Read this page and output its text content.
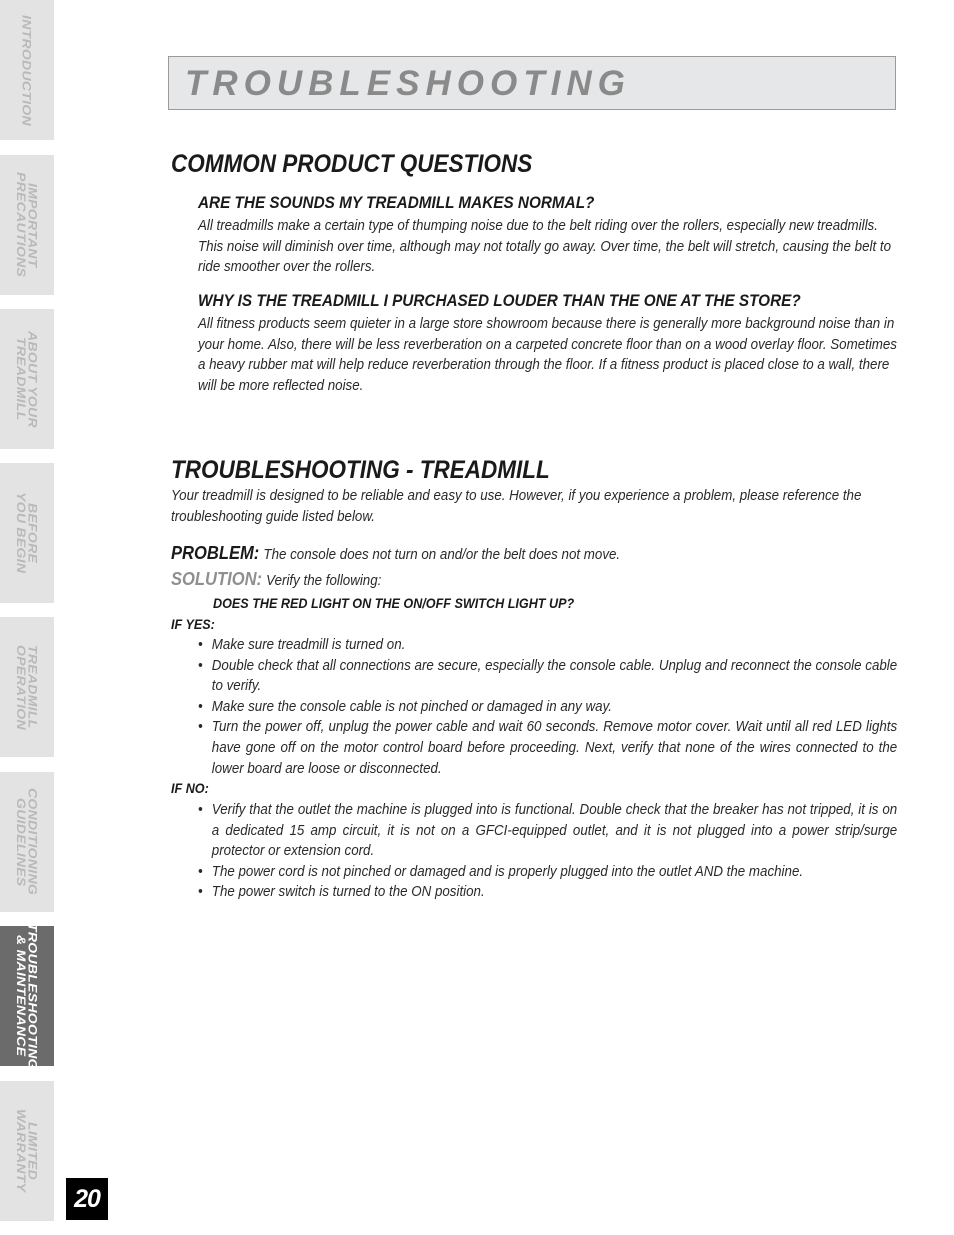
INTRODUCTION
IMPORTANT
PRECAUTIONS
ABOUT YOUR
TREADMILL
BEFORE
YOU BEGIN
TREADMILL
OPERATION
CONDITIONING
GUIDELINES
TROUBLESHOOTING
& MAINTENANCE
LIMITED
WARRANTY
20
TROUBLESHOOTING
COMMON PRODUCT QUESTIONS
ARE THE SOUNDS MY TREADMILL MAKES NORMAL?
All treadmills make a certain type of thumping noise due to the belt riding over the rollers, especially new treadmills. This noise will diminish over time, although may not totally go away. Over time, the belt will stretch, causing the belt to ride smoother over the rollers.
WHY IS THE TREADMILL I PURCHASED LOUDER THAN THE ONE AT THE STORE?
All fitness products seem quieter in a large store showroom because there is generally more background noise than in your home. Also, there will be less reverberation on a carpeted concrete floor than on a wood overlay floor. Sometimes a heavy rubber mat will help reduce reverberation through the floor. If a fitness product is placed close to a wall, there will be more reflected noise.
TROUBLESHOOTING - TREADMILL
Your treadmill is designed to be reliable and easy to use. However, if you experience a problem, please reference the troubleshooting guide listed below.
PROBLEM: The console does not turn on and/or the belt does not move.
SOLUTION: Verify the following:
DOES THE RED LIGHT ON THE ON/OFF SWITCH LIGHT UP?
IF YES:
• Make sure treadmill is turned on.
• Double check that all connections are secure, especially the console cable. Unplug and reconnect the console cable to verify.
• Make sure the console cable is not pinched or damaged in any way.
• Turn the power off, unplug the power cable and wait 60 seconds. Remove motor cover. Wait until all red LED lights have gone off on the motor control board before proceeding. Next, verify that none of the wires connected to the lower board are loose or disconnected.
IF NO:
• Verify that the outlet the machine is plugged into is functional. Double check that the breaker has not tripped, it is on a dedicated 15 amp circuit, it is not on a GFCI-equipped outlet, and it is not plugged into a power strip/surge protector or extension cord.
• The power cord is not pinched or damaged and is properly plugged into the outlet AND the machine.
• The power switch is turned to the ON position.
